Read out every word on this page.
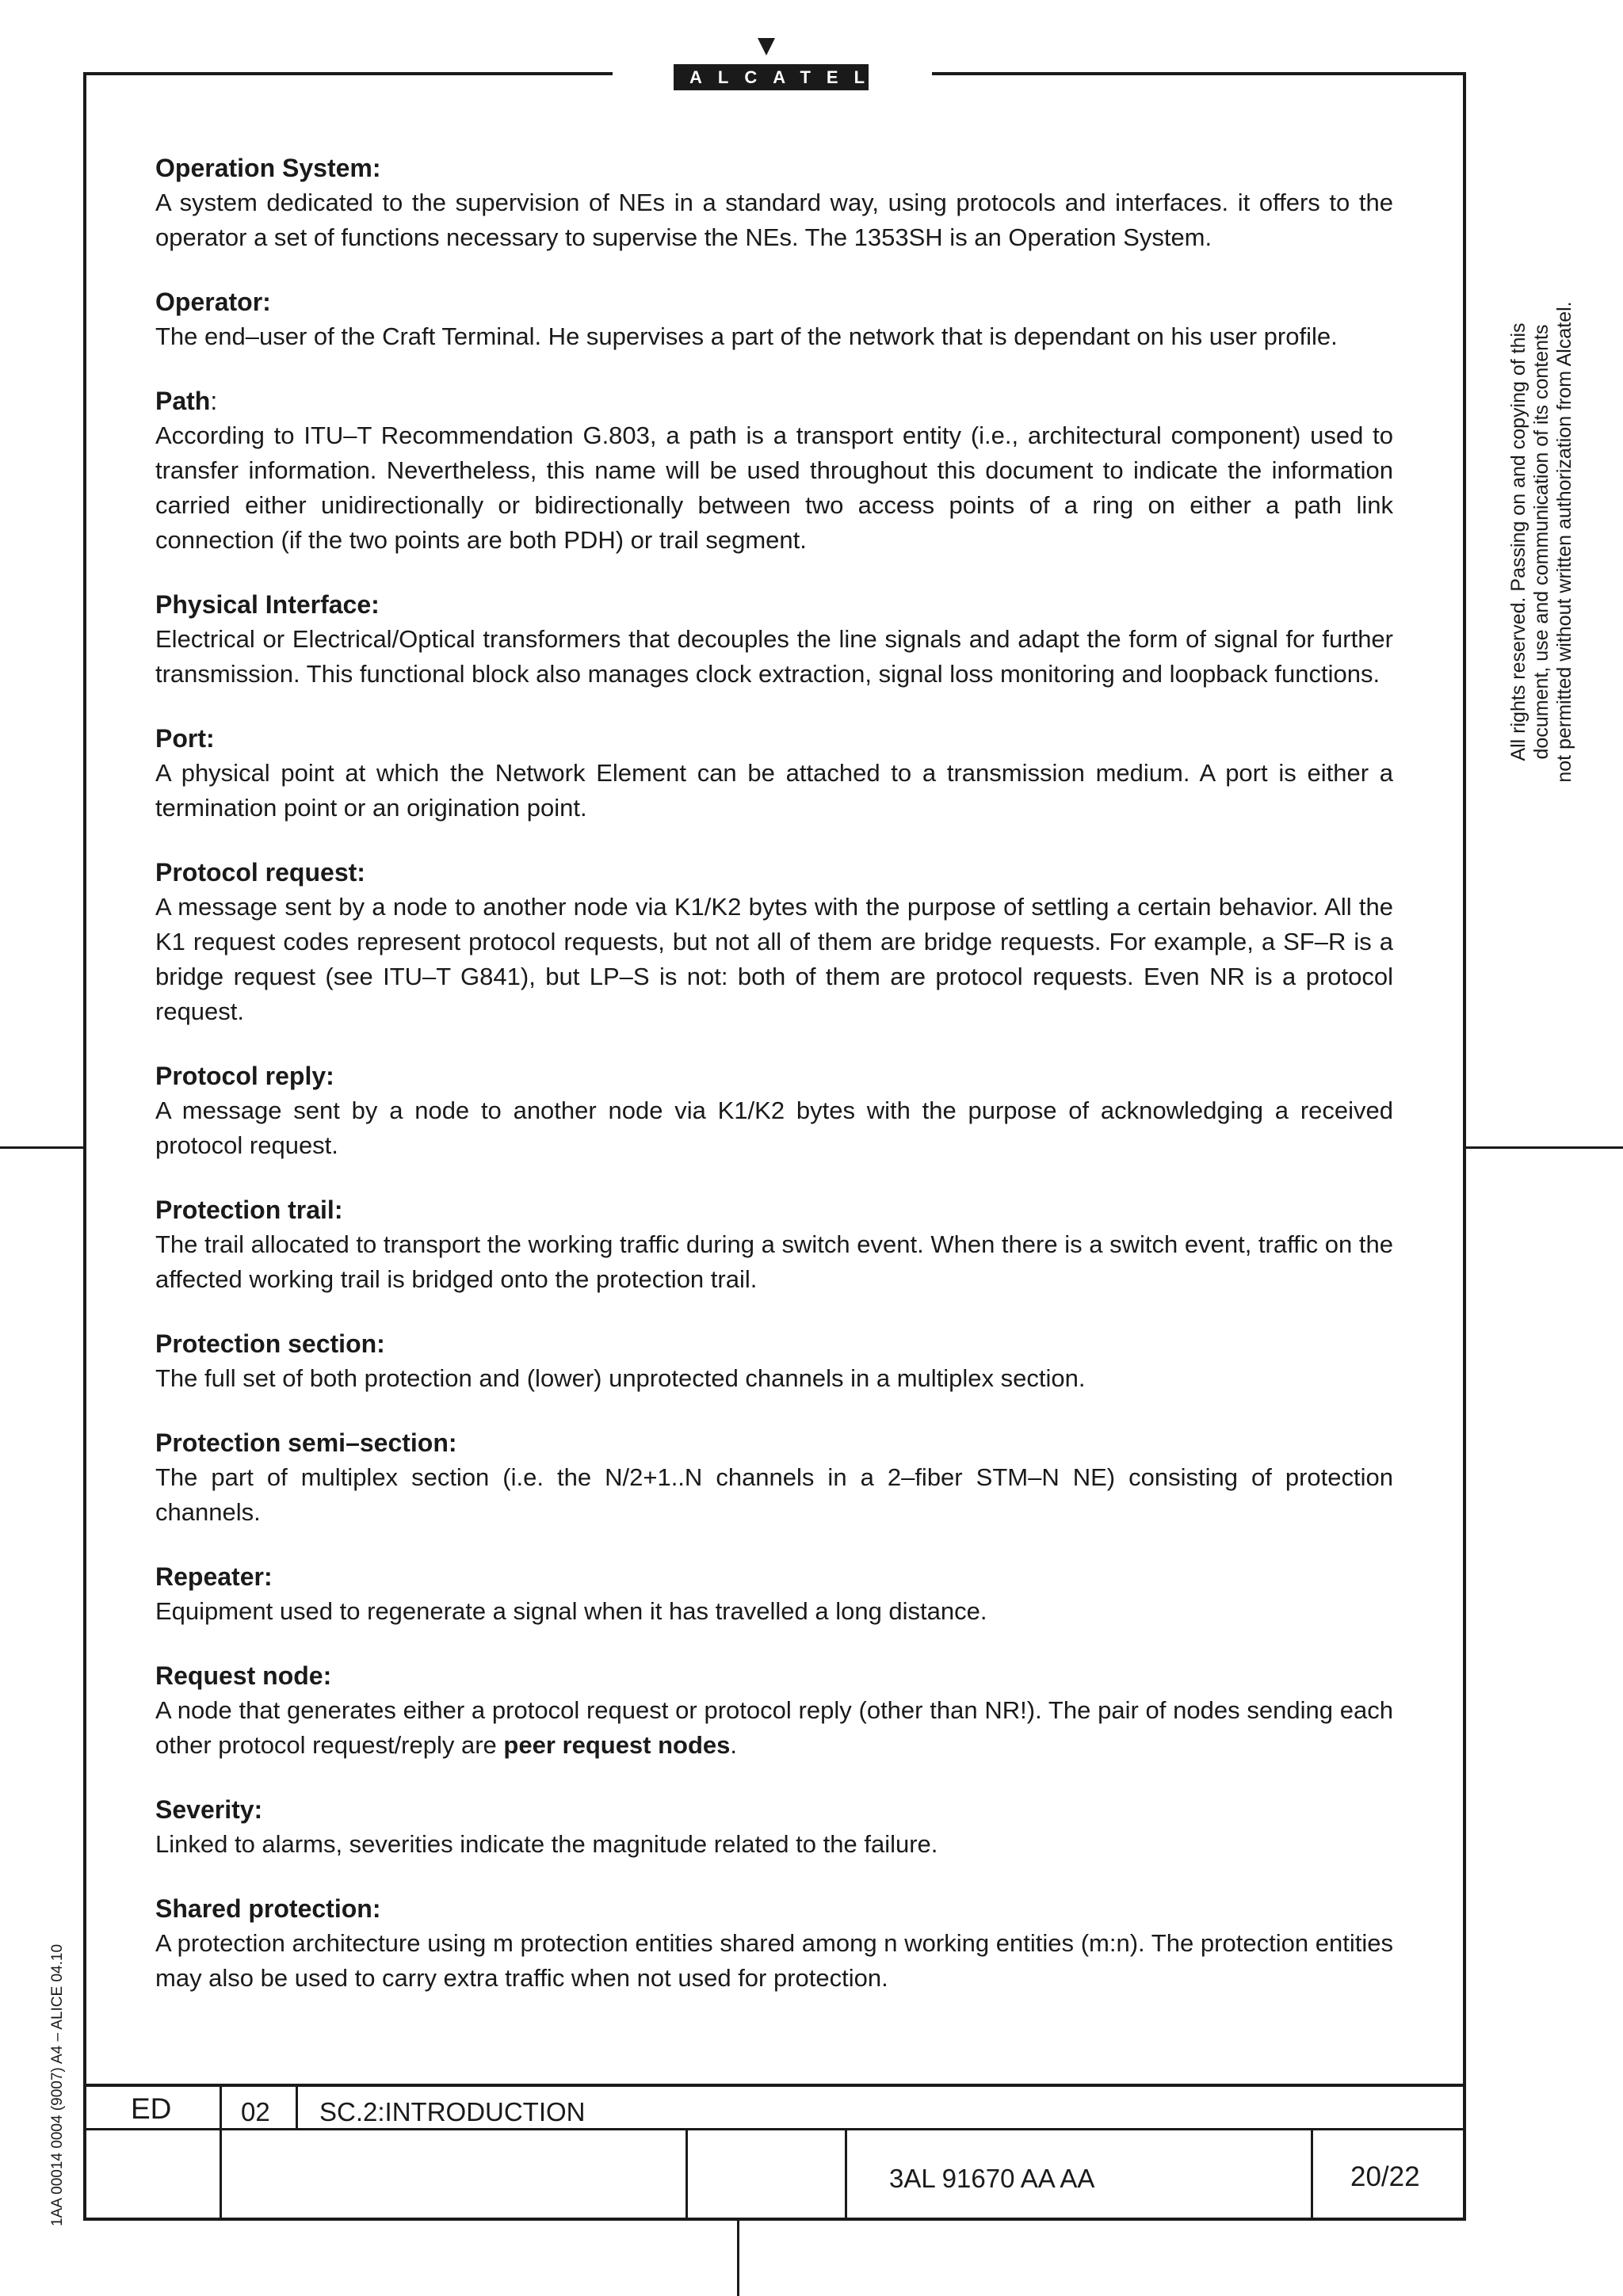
ALCATEL
Operation System:
A system dedicated to the supervision of NEs in a standard way, using protocols and interfaces. it offers to the operator a set of functions necessary to supervise the NEs. The 1353SH is an Operation System.
Operator:
The end–user of the Craft Terminal. He supervises a part of the network that is dependant on his user profile.
Path:
According to ITU–T Recommendation G.803, a path is a transport entity (i.e., architectural component) used to transfer information. Nevertheless, this name will be used throughout this document to indicate the information carried either unidirectionally or bidirectionally between two access points of a ring on either a path link connection (if the two points are both PDH) or trail segment.
Physical Interface:
Electrical or Electrical/Optical transformers that decouples the line signals and adapt the form of signal for further transmission. This functional block also manages clock extraction, signal loss monitoring and loopback functions.
Port:
A physical point at which the Network Element can be attached to a transmission medium. A port is either a termination point or an origination point.
Protocol request:
A message sent by a node to another node via K1/K2 bytes with the purpose of settling a certain behavior. All the K1 request codes represent protocol requests, but not all of them are bridge requests. For example, a SF–R is a bridge request (see ITU–T G841), but LP–S is not: both of them are protocol requests. Even NR is a protocol request.
Protocol reply:
A message sent by a node to another node via K1/K2 bytes with the purpose of acknowledging a received protocol request.
Protection trail:
The trail allocated to transport the working traffic during a switch event. When there is a switch event, traffic on the affected working trail is bridged onto the protection trail.
Protection section:
The full set of both protection and (lower) unprotected channels in a multiplex section.
Protection semi–section:
The part of multiplex section (i.e. the N/2+1..N channels in a 2–fiber STM–N NE) consisting of protection channels.
Repeater:
Equipment used to regenerate a signal when it has travelled a long distance.
Request node:
A node that generates either a protocol request or protocol reply (other than NR!). The pair of nodes sending each other protocol request/reply are peer request nodes.
Severity:
Linked to alarms, severities indicate the magnitude related to the failure.
Shared protection:
A protection architecture using m protection entities shared among n working entities (m:n). The protection entities may also be used to carry extra traffic when not used for protection.
All rights reserved. Passing on and copying of this document, use and communication of its contents not permitted without written authorization from Alcatel.
1AA 00014 0004 (9007) A4 – ALICE 04.10 ED	02 SC.2:INTRODUCTION
3AL 91670 AA AA	20/22
